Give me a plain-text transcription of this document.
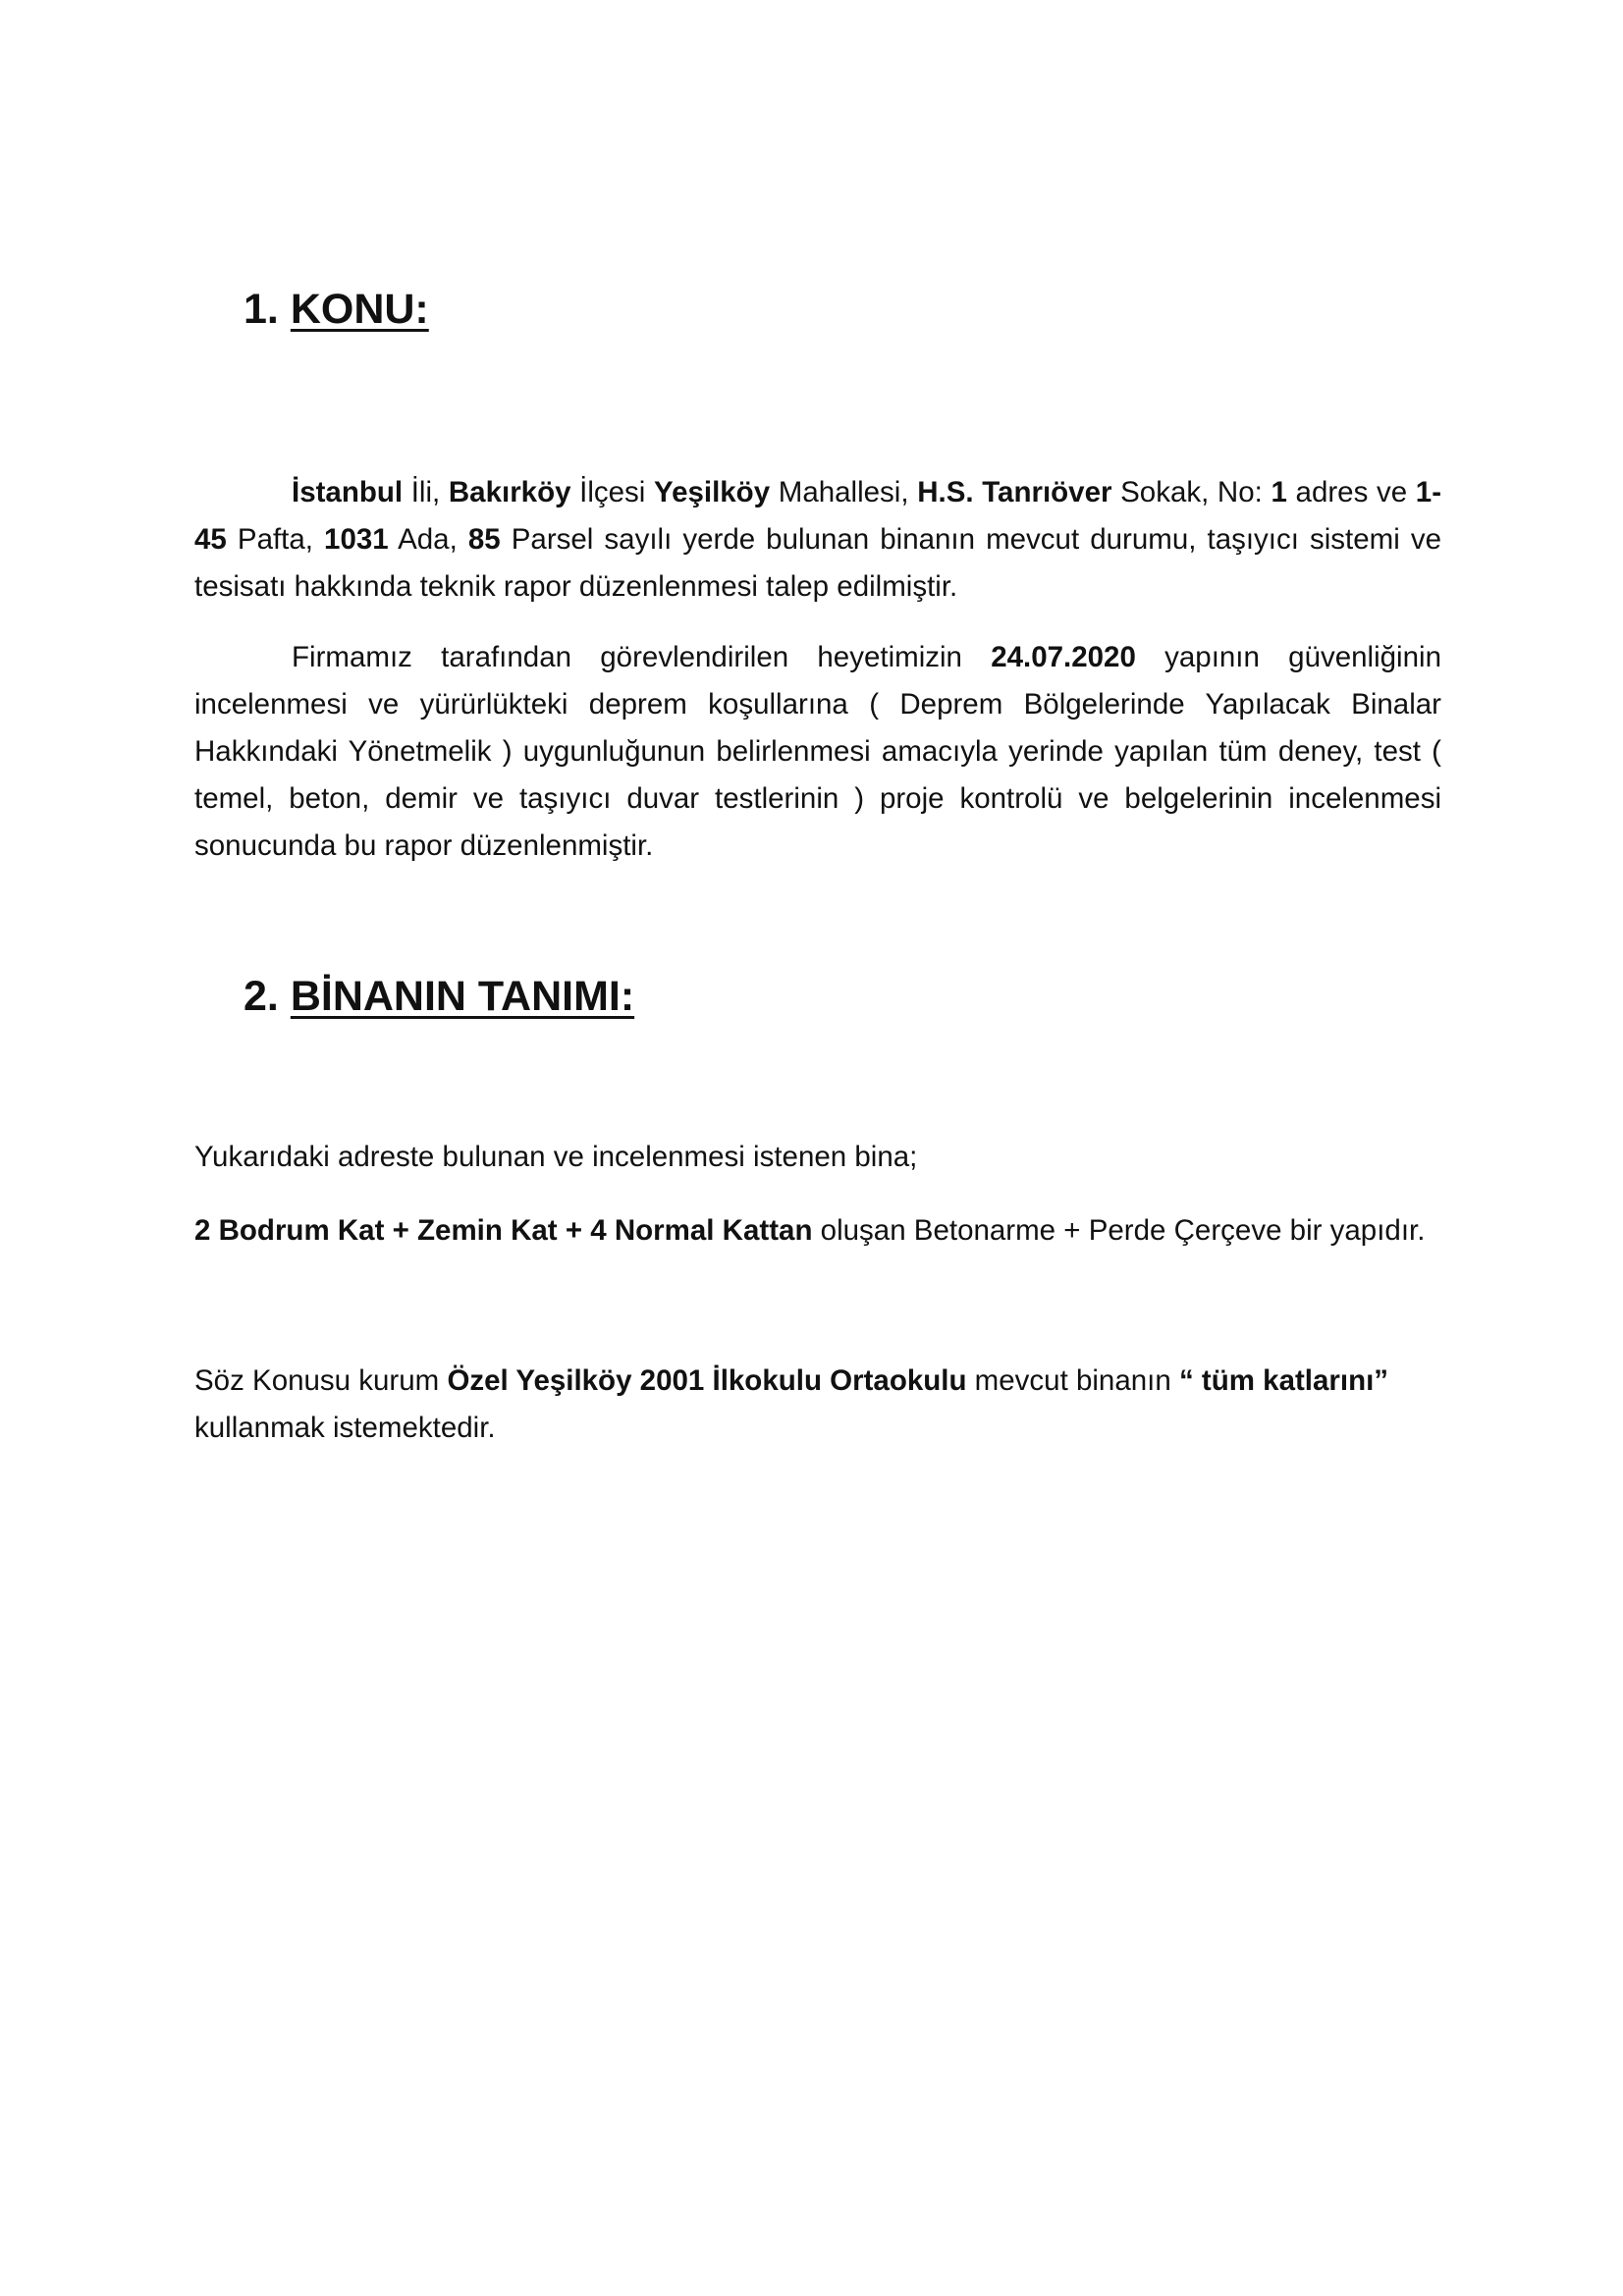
1. KONU:

İstanbul İli, Bakırköy İlçesi Yeşilköy Mahallesi, H.S. Tanrıöver Sokak, No: 1 adres ve 1-45 Pafta, 1031 Ada, 85 Parsel sayılı yerde bulunan binanın mevcut durumu, taşıyıcı sistemi ve tesisatı hakkında teknik rapor düzenlenmesi talep edilmiştir.

Firmamız tarafından görevlendirilen heyetimizin 24.07.2020 yapının güvenliğinin incelenmesi ve yürürlükteki deprem koşullarına ( Deprem Bölgelerinde Yapılacak Binalar Hakkındaki Yönetmelik ) uygunluğunun belirlenmesi amacıyla yerinde yapılan tüm deney, test ( temel, beton, demir ve taşıyıcı duvar testlerinin ) proje kontrolü ve belgelerinin incelenmesi sonucunda bu rapor düzenlenmiştir.

2. BİNANIN TANIMI:

Yukarıdaki adreste bulunan ve incelenmesi istenen bina;

2 Bodrum Kat + Zemin Kat + 4 Normal Kattan oluşan Betonarme + Perde Çerçeve bir yapıdır.

Söz Konusu kurum Özel Yeşilköy 2001 İlkokulu Ortaokulu mevcut binanın “ tüm katlarını” kullanmak istemektedir.
